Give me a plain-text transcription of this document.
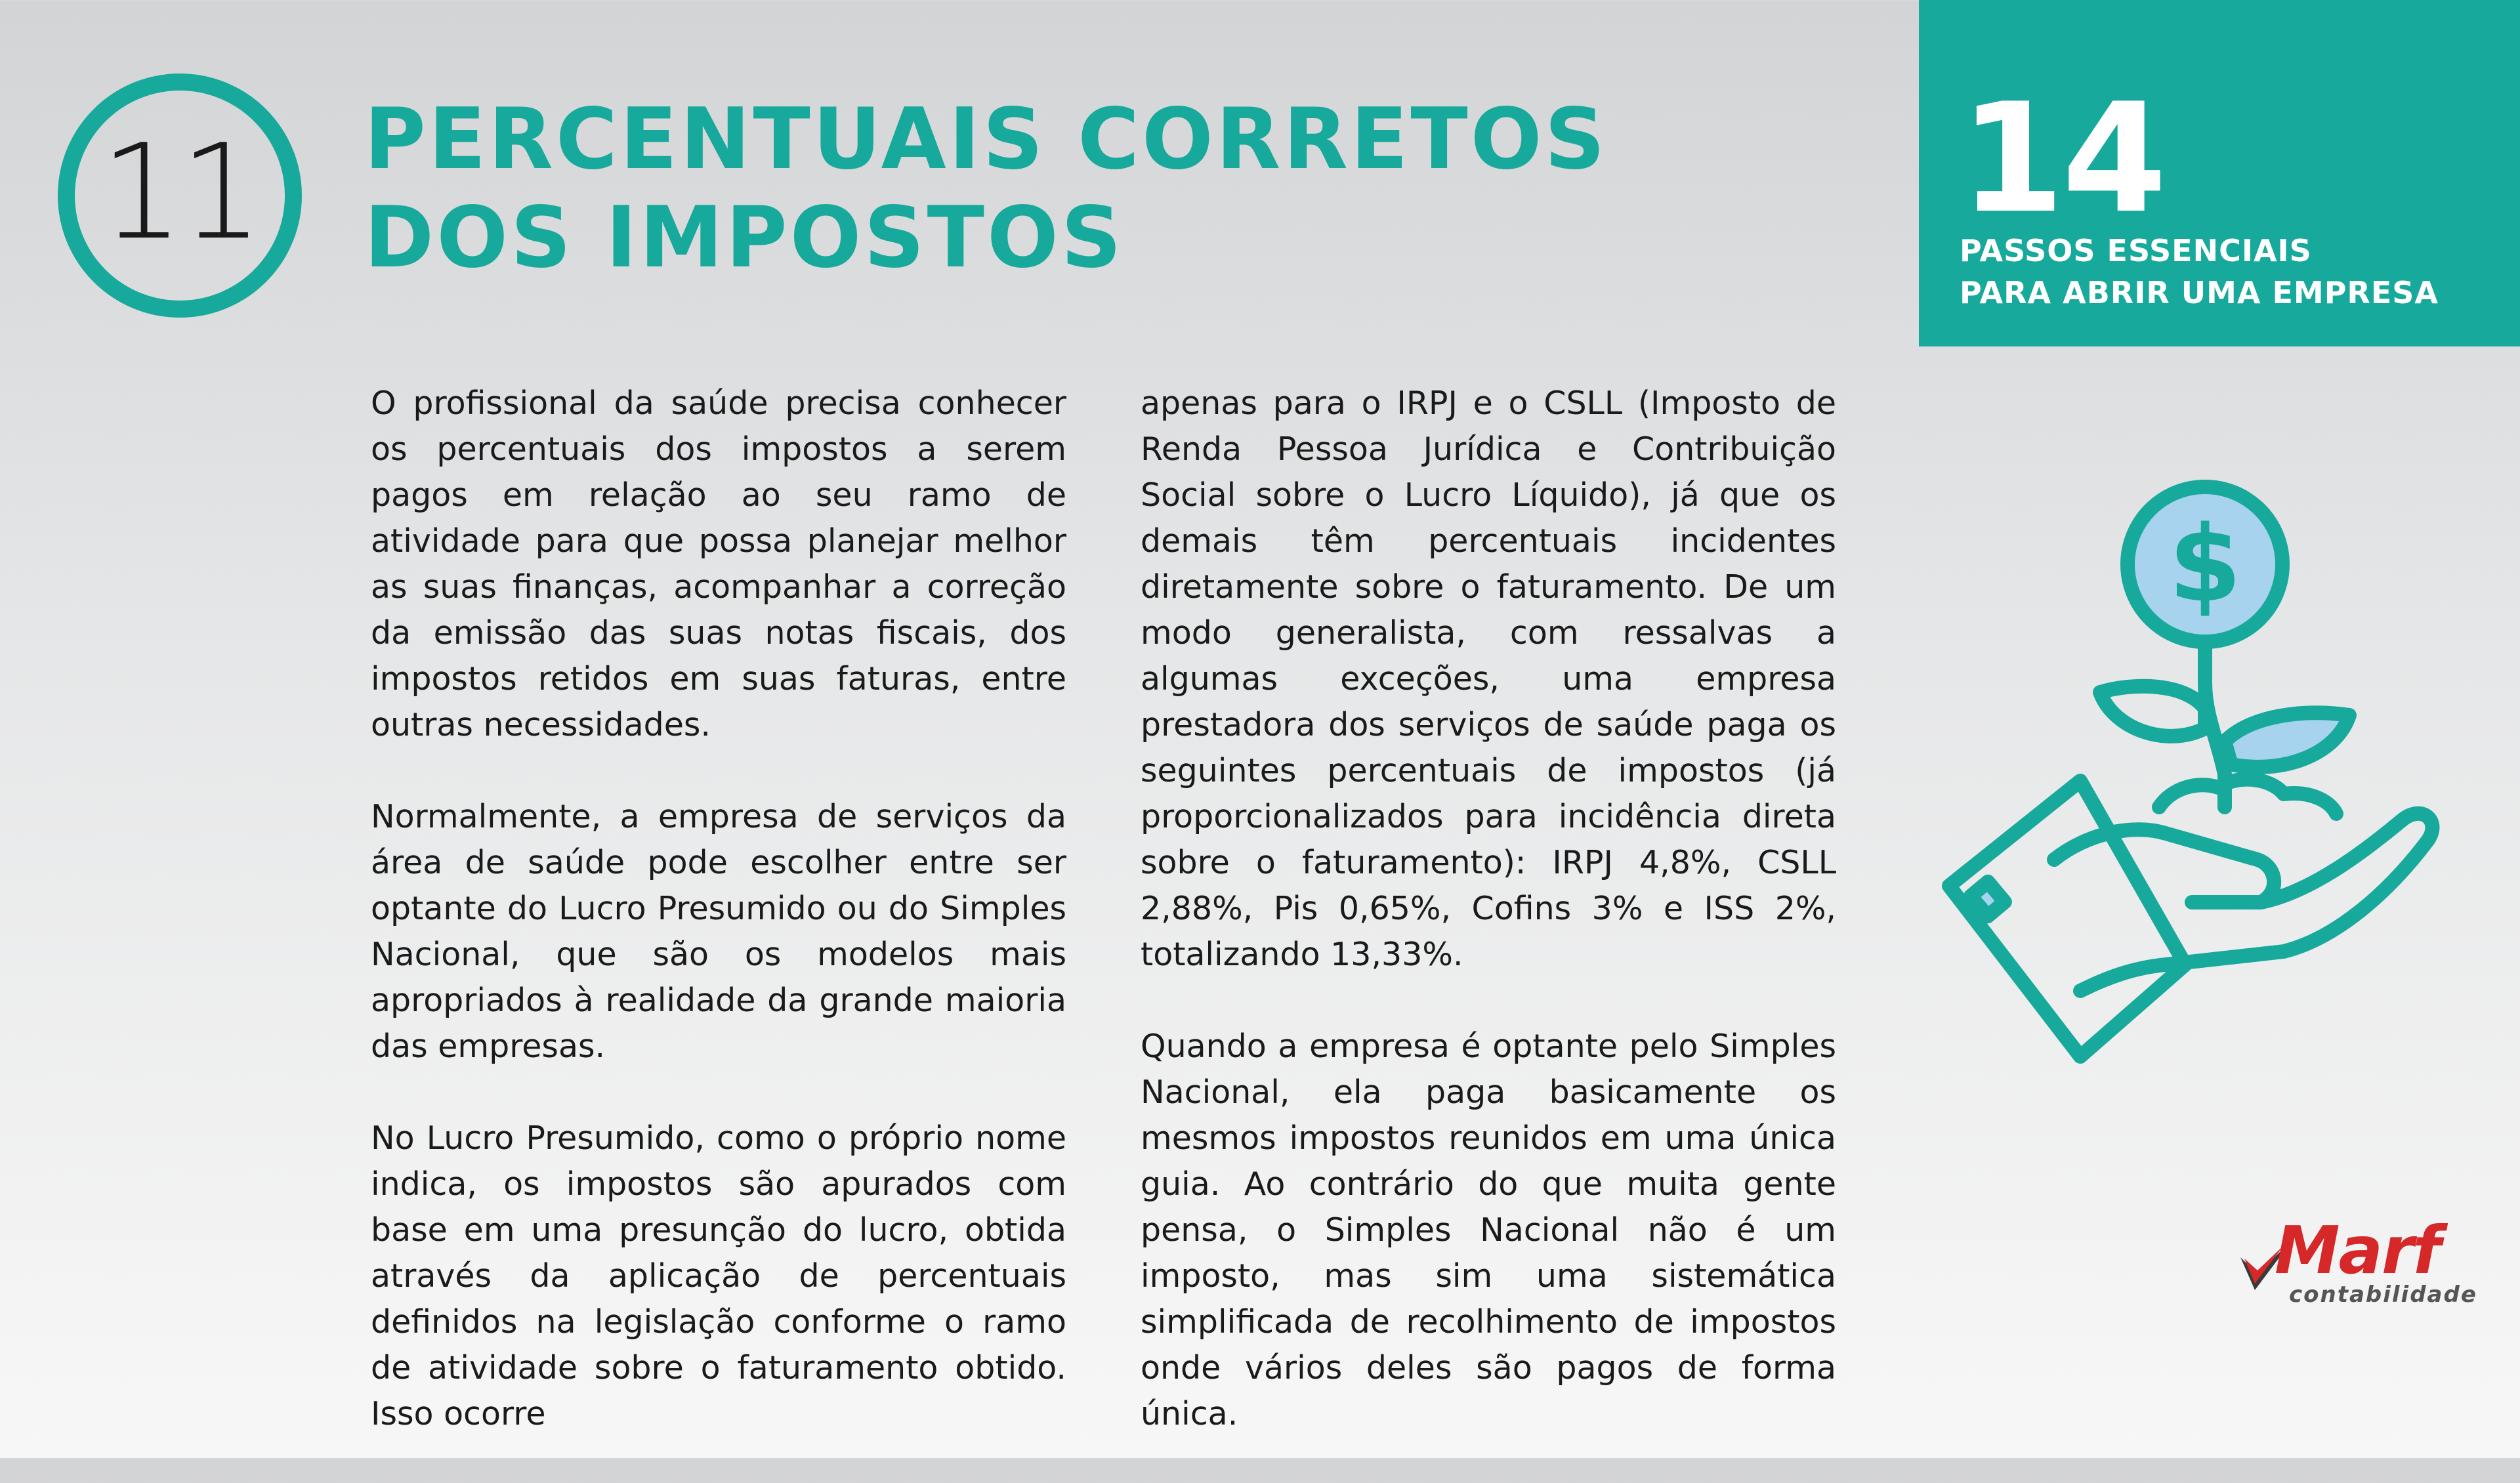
11 PERCENTUAIS CORRETOS
DOS IMPOSTOS	14
PASSOS ESSENCIAIS
PARA ABRIR UMA EMPRESA

O profissional da saúde precisa conhecer os percentuais dos impostos a serem pagos em relação ao seu ramo de atividade para que possa planejar melhor as suas finanças, acompanhar a correção da emissão das suas notas fiscais, dos impostos retidos em suas faturas, entre outras necessidades.

Normalmente, a empresa de serviços da área de saúde pode escolher entre ser optante do Lucro Presumido ou do Simples Nacional, que são os modelos mais apropriados à realidade da grande maioria das empresas.

No Lucro Presumido, como o próprio nome indica, os impostos são apurados com base em uma presunção do lucro, obtida através da aplicação de percentuais definidos na legislação conforme o ramo de atividade sobre o faturamento obtido. Isso ocorre

apenas para o IRPJ e o CSLL (Imposto de Renda Pessoa Jurídica e Contribuição Social sobre o Lucro Líquido), já que os demais têm percentuais incidentes diretamente sobre o faturamento. De um modo generalista, com ressalvas a algumas exceções, uma empresa prestadora dos serviços de saúde paga os seguintes percentuais de impostos (já proporcionalizados para incidência direta sobre o faturamento): IRPJ 4,8%, CSLL 2,88%, Pis 0,65%, Cofins 3% e ISS 2%, totalizando 13,33%.

Quando a empresa é optante pelo Simples Nacional, ela paga basicamente os mesmos impostos reunidos em uma única guia. Ao contrário do que muita gente pensa, o Simples Nacional não é um imposto, mas sim uma sistemática simplificada de recolhimento de impostos onde vários deles são pagos de forma única.

$
Marf
contabilidade
